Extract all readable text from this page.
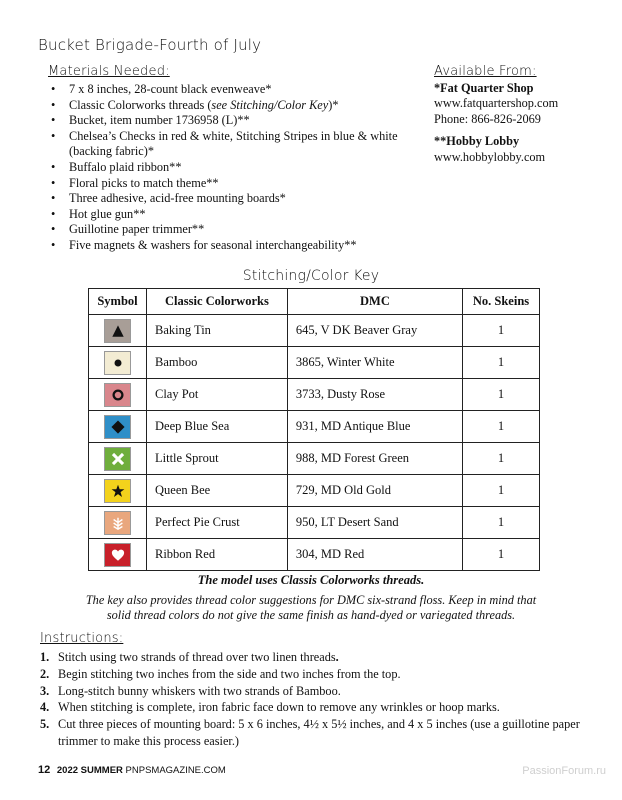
Bucket Brigade-Fourth of July
Materials Needed:
• 7 x 8 inches, 28-count black evenweave*
• Classic Colorworks threads (see Stitching/Color Key)*
• Bucket, item number 1736958 (L)**
• Chelsea’s Checks in red & white, Stitching Stripes in blue & white (backing fabric)*
• Buffalo plaid ribbon**
• Floral picks to match theme**
• Three adhesive, acid-free mounting boards*
• Hot glue gun**
• Guillotine paper trimmer**
• Five magnets & washers for seasonal interchangeability**
Available From:
*Fat Quarter Shop
www.fatquartershop.com
Phone: 866-826-2069
**Hobby Lobby
www.hobbylobby.com
Stitching/Color Key
Symbol	Classic Colorworks	DMC	No. Skeins

	Baking Tin	645, V DK Beaver Gray	1

	Bamboo	3865, Winter White	1

	Clay Pot	3733, Dusty Rose	1

	Deep Blue Sea	931, MD Antique Blue	1

	Little Sprout	988, MD Forest Green	1

	Queen Bee	729, MD Old Gold	1

	Perfect Pie Crust	950, LT Desert Sand	1

	Ribbon Red	304, MD Red	1
The model uses Classis Colorworks threads.
The key also provides thread color suggestions for DMC six-strand floss. Keep in mind that solid thread colors do not give the same finish as hand-dyed or variegated threads.
Instructions:
1. Stitch using two strands of thread over two linen threads.
2. Begin stitching two inches from the side and two inches from the top.
3. Long-stitch bunny whiskers with two strands of Bamboo.
4. When stitching is complete, iron fabric face down to remove any wrinkles or hoop marks.
5. Cut three pieces of mounting board: 5 x 6 inches, 4½ x 5½ inches, and 4 x 5 inches (use a guillotine paper trimmer to make this process easier.)
12 2022 SUMMER PNPSMAGAZINE.COM	PassionForum.ru
